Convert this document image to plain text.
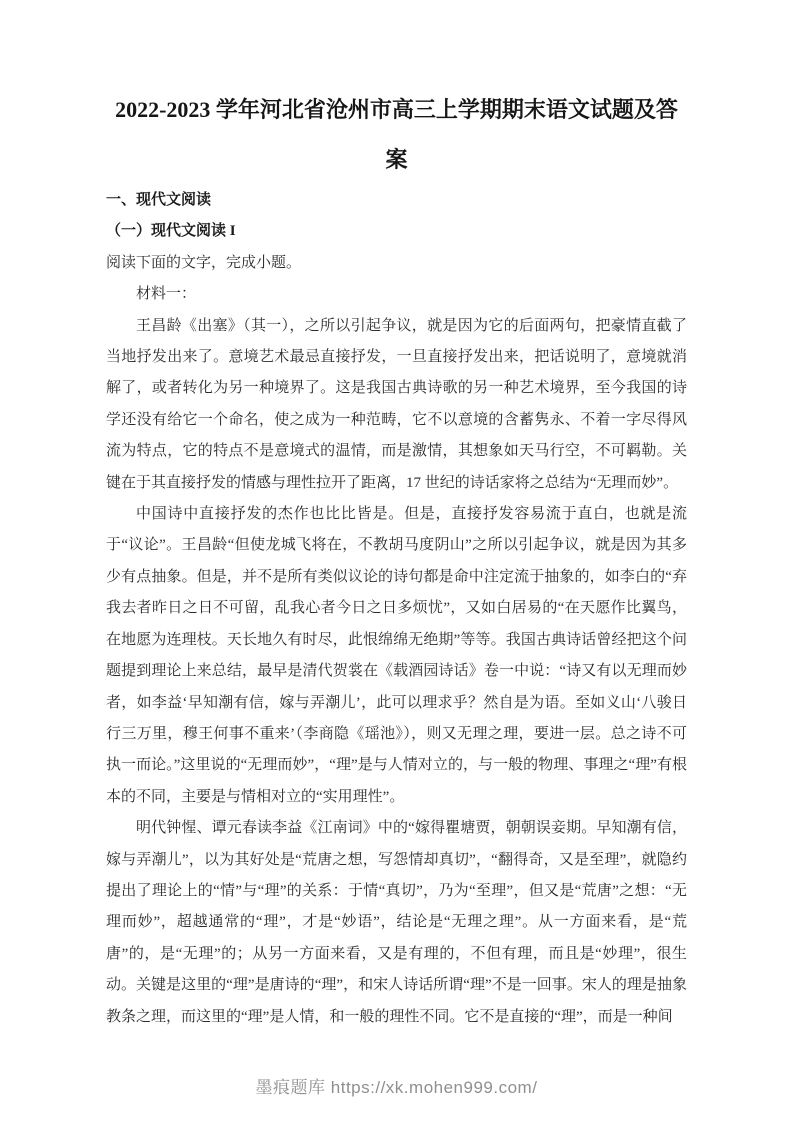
2022-2023 学年河北省沧州市高三上学期期末语文试题及答案

一、现代文阅读

（一）现代文阅读 I

阅读下面的文字，完成小题。

材料一：

王昌龄《出塞》（其一），之所以引起争议，就是因为它的后面两句，把豪情直截了当地抒发出来了。意境艺术最忌直接抒发，一旦直接抒发出来，把话说明了，意境就消解了，或者转化为另一种境界了。这是我国古典诗歌的另一种艺术境界，至今我国的诗学还没有给它一个命名，使之成为一种范畴，它不以意境的含蓄隽永、不着一字尽得风流为特点，它的特点不是意境式的温情，而是激情，其想象如天马行空，不可羁勒。关键在于其直接抒发的情感与理性拉开了距离，17 世纪的诗话家将之总结为“无理而妙”。

中国诗中直接抒发的杰作也比比皆是。但是，直接抒发容易流于直白，也就是流于“议论”。王昌龄“但使龙城飞将在，不教胡马度阴山”之所以引起争议，就是因为其多少有点抽象。但是，并不是所有类似议论的诗句都是命中注定流于抽象的，如李白的“弃我去者昨日之日不可留，乱我心者今日之日多烦忧”，又如白居易的“在天愿作比翼鸟，在地愿为连理枝。天长地久有时尽，此恨绵绵无绝期”等等。我国古典诗话曾经把这个问题提到理论上来总结，最早是清代贺裳在《载酒园诗话》卷一中说：“诗又有以无理而妙者，如李益‘早知潮有信，嫁与弄潮儿’，此可以理求乎？然自是为语。至如义山‘八骏日行三万里，穆王何事不重来’（李商隐《瑶池》），则又无理之理，要进一层。总之诗不可执一而论。”这里说的“无理而妙”，“理”是与人情对立的，与一般的物理、事理之“理”有根本的不同，主要是与情相对立的“实用理性”。

明代钟惺、谭元春读李益《江南词》中的“嫁得瞿塘贾，朝朝误妾期。早知潮有信，嫁与弄潮儿”，以为其好处是“荒唐之想，写怨情却真切”，“翻得奇，又是至理”，就隐约提出了理论上的“情”与“理”的关系：于情“真切”，乃为“至理”，但又是“荒唐”之想：“无理而妙”，超越通常的“理”，才是“妙语”，结论是“无理之理”。从一方面来看，是“荒唐”的，是“无理”的；从另一方面来看，又是有理的，不但有理，而且是“妙理”，很生动。关键是这里的“理”是唐诗的“理”，和宋人诗话所谓“理”不是一回事。宋人的理是抽象教条之理，而这里的“理”是人情，和一般的理性不同。它不是直接的“理”，而是一种间

墨痕题库 https://xk.mohen999.com/
